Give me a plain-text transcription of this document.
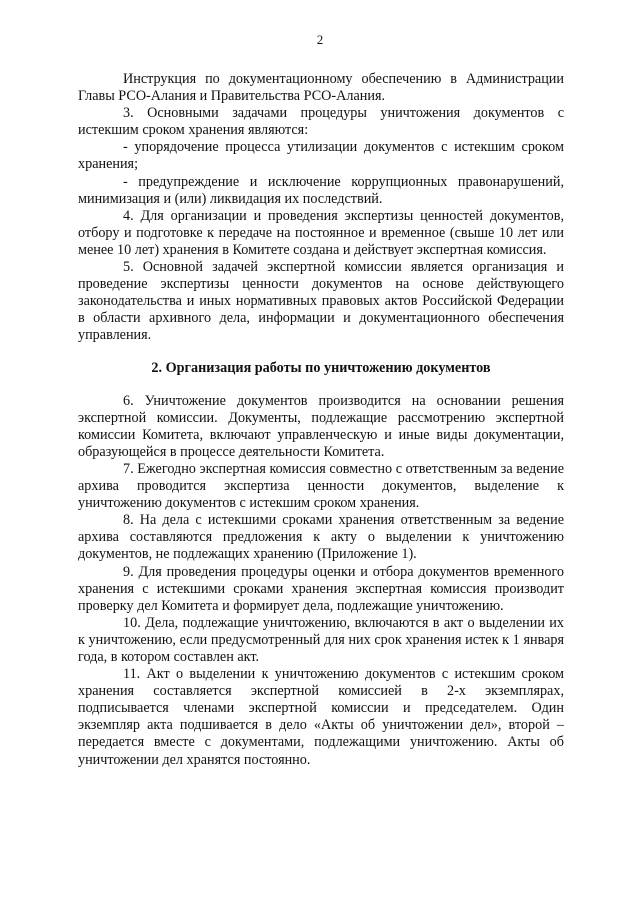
2

Инструкция по документационному обеспечению в Администрации Главы РСО-Алания и Правительства РСО-Алания.

3. Основными задачами процедуры уничтожения документов с истекшим сроком хранения являются:

- упорядочение процесса утилизации документов с истекшим сроком хранения;

- предупреждение и исключение коррупционных правонарушений, минимизация и (или) ликвидация их последствий.

4. Для организации и проведения экспертизы ценностей документов, отбору и подготовке к передаче на постоянное и временное (свыше 10 лет или менее 10 лет) хранения в Комитете создана и действует экспертная комиссия.

5. Основной задачей экспертной комиссии является организация и проведение экспертизы ценности документов на основе действующего законодательства и иных нормативных правовых актов Российской Федерации в области архивного дела, информации и документационного обеспечения управления.

2. Организация работы по уничтожению документов

6. Уничтожение документов производится на основании решения экспертной комиссии. Документы, подлежащие рассмотрению экспертной комиссии Комитета, включают управленческую и иные виды документации, образующейся в процессе деятельности Комитета.

7. Ежегодно экспертная комиссия совместно с ответственным за ведение архива проводится экспертиза ценности документов, выделение к уничтожению документов с истекшим сроком хранения.

8. На дела с истекшими сроками хранения ответственным за ведение архива составляются предложения к акту о выделении к уничтожению документов, не подлежащих хранению (Приложение 1).

9. Для проведения процедуры оценки и отбора документов временного хранения с истекшими сроками хранения экспертная комиссия производит проверку дел Комитета и формирует дела, подлежащие уничтожению.

10. Дела, подлежащие уничтожению, включаются в акт о выделении их к уничтожению, если предусмотренный для них срок хранения истек к 1 января года, в котором составлен акт.

11. Акт о выделении к уничтожению документов с истекшим сроком хранения составляется экспертной комиссией в 2-х экземплярах, подписывается членами экспертной комиссии и председателем. Один экземпляр акта подшивается в дело «Акты об уничтожении дел», второй – передается вместе с документами, подлежащими уничтожению. Акты об уничтожении дел хранятся постоянно.
